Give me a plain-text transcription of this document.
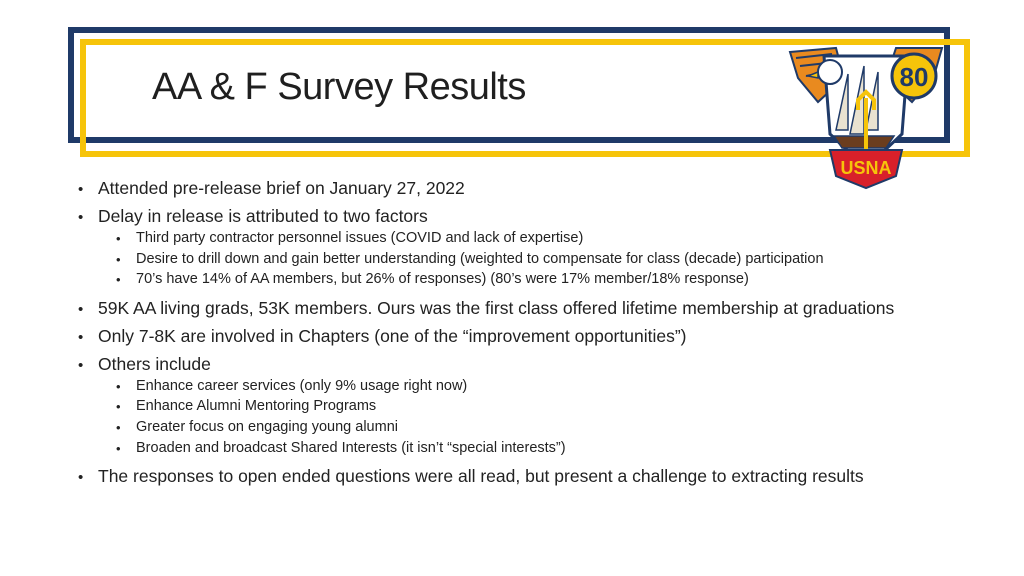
AA & F Survey Results	80
USNA
• Attended pre-release brief on January 27, 2022
• Delay in release is attributed to two factors
• Third party contractor personnel issues (COVID and lack of expertise)
• Desire to drill down and gain better understanding (weighted to compensate for class (decade) participation
• 70’s have 14% of AA members, but 26% of responses) (80’s were 17% member/18% response)
• 59K AA living grads, 53K members. Ours was the first class offered lifetime membership at graduations
• Only 7-8K are involved in Chapters (one of the “improvement opportunities”)
• Others include
• Enhance career services (only 9% usage right now)
• Enhance Alumni Mentoring Programs
• Greater focus on engaging young alumni
• Broaden and broadcast Shared Interests (it isn’t “special interests”)
• The responses to open ended questions were all read, but present a challenge to extracting results
